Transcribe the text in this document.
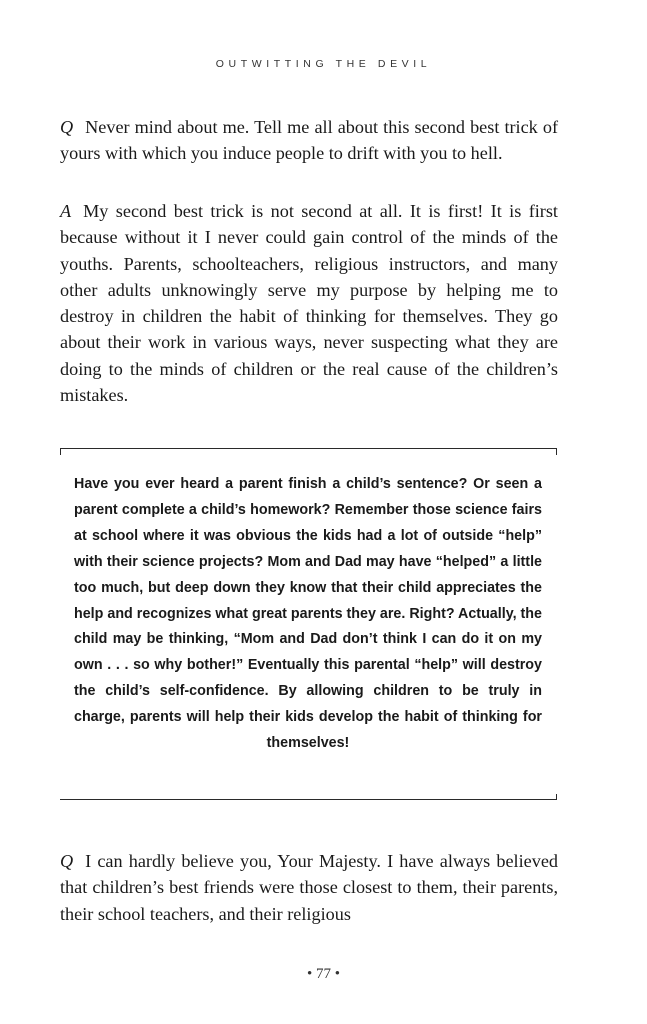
OUTWITTING THE DEVIL

Q Never mind about me. Tell me all about this second best trick of yours with which you induce people to drift with you to hell.

A My second best trick is not second at all. It is first! It is first because without it I never could gain control of the minds of the youths. Parents, schoolteachers, religious instructors, and many other adults unknowingly serve my purpose by helping me to destroy in children the habit of thinking for themselves. They go about their work in various ways, never suspecting what they are doing to the minds of children or the real cause of the children’s mistakes.

Have you ever heard a parent finish a child’s sentence? Or seen a parent complete a child’s homework? Remember those science fairs at school where it was obvious the kids had a lot of outside “help” with their science projects? Mom and Dad may have “helped” a little too much, but deep down they know that their child appreciates the help and recognizes what great parents they are. Right? Actually, the child may be thinking, “Mom and Dad don’t think I can do it on my own . . . so why bother!” Eventually this parental “help” will destroy the child’s self-confidence. By allowing children to be truly in charge, parents will help their kids develop the habit of thinking for themselves!

Q I can hardly believe you, Your Majesty. I have always believed that children’s best friends were those closest to them, their parents, their school teachers, and their religious

• 77 •
